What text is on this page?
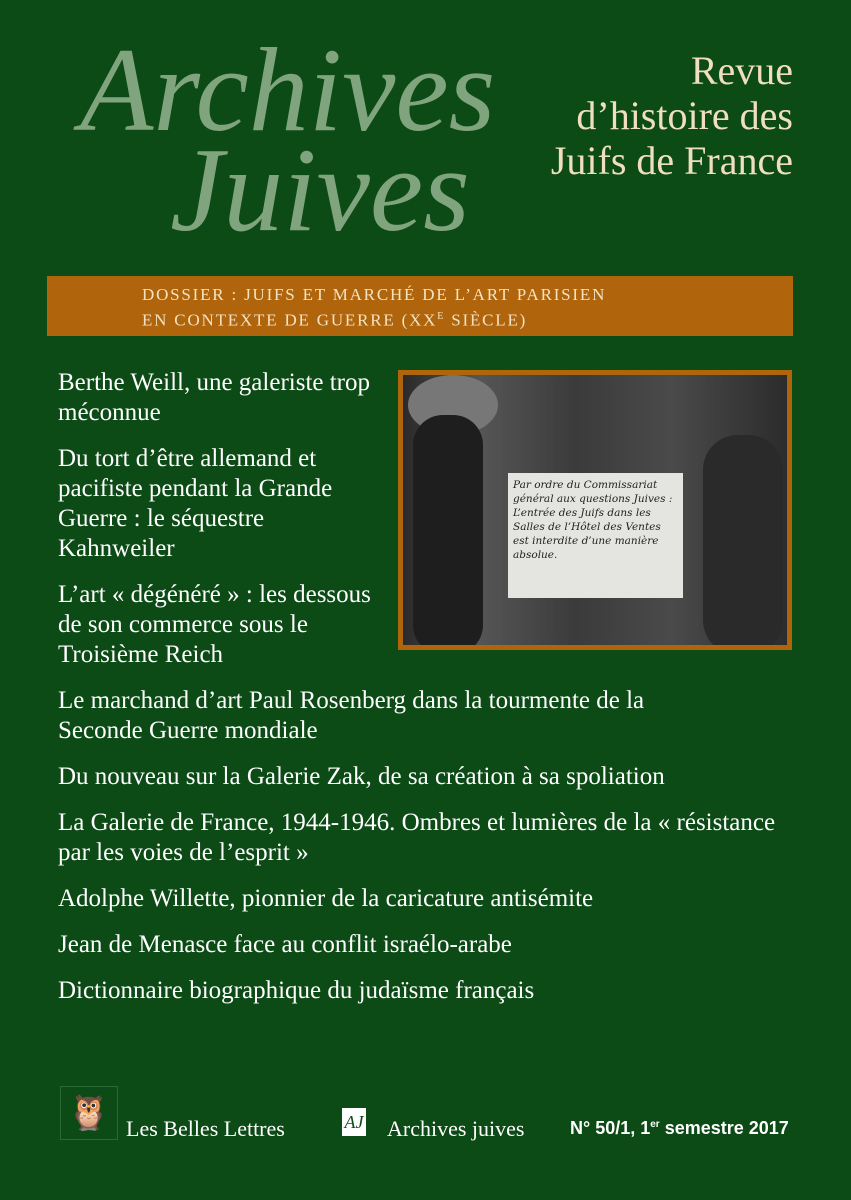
Archives
Juives
Revue d’histoire des Juifs de France
DOSSIER : JUIFS ET MARCHÉ DE L’ART PARISIEN
EN CONTEXTE DE GUERRE ($XX^E$ SIÈCLE)
Par ordre du Commissariat général aux questions Juives : L’entrée des Juifs dans les Salles de l’Hôtel des Ventes est interdite d’une manière absolue.
Berthe Weill, une galeriste trop méconnue
Du tort d’être allemand et pacifiste pendant la Grande Guerre : le séquestre Kahnweiler
L’art « dégénéré » : les dessous de son commerce sous le Troisième Reich
Le marchand d’art Paul Rosenberg dans la tourmente de la Seconde Guerre mondiale
Du nouveau sur la Galerie Zak, de sa création à sa spoliation
La Galerie de France, 1944-1946. Ombres et lumières de la « résistance par les voies de l’esprit »
Adolphe Willette, pionnier de la caricature antisémite
Jean de Menasce face au conflit israélo-arabe
Dictionnaire biographique du judaïsme français
🦉 Les Belles Lettres	AJ Archives juives	N° 50/1, 1er semestre 2017
